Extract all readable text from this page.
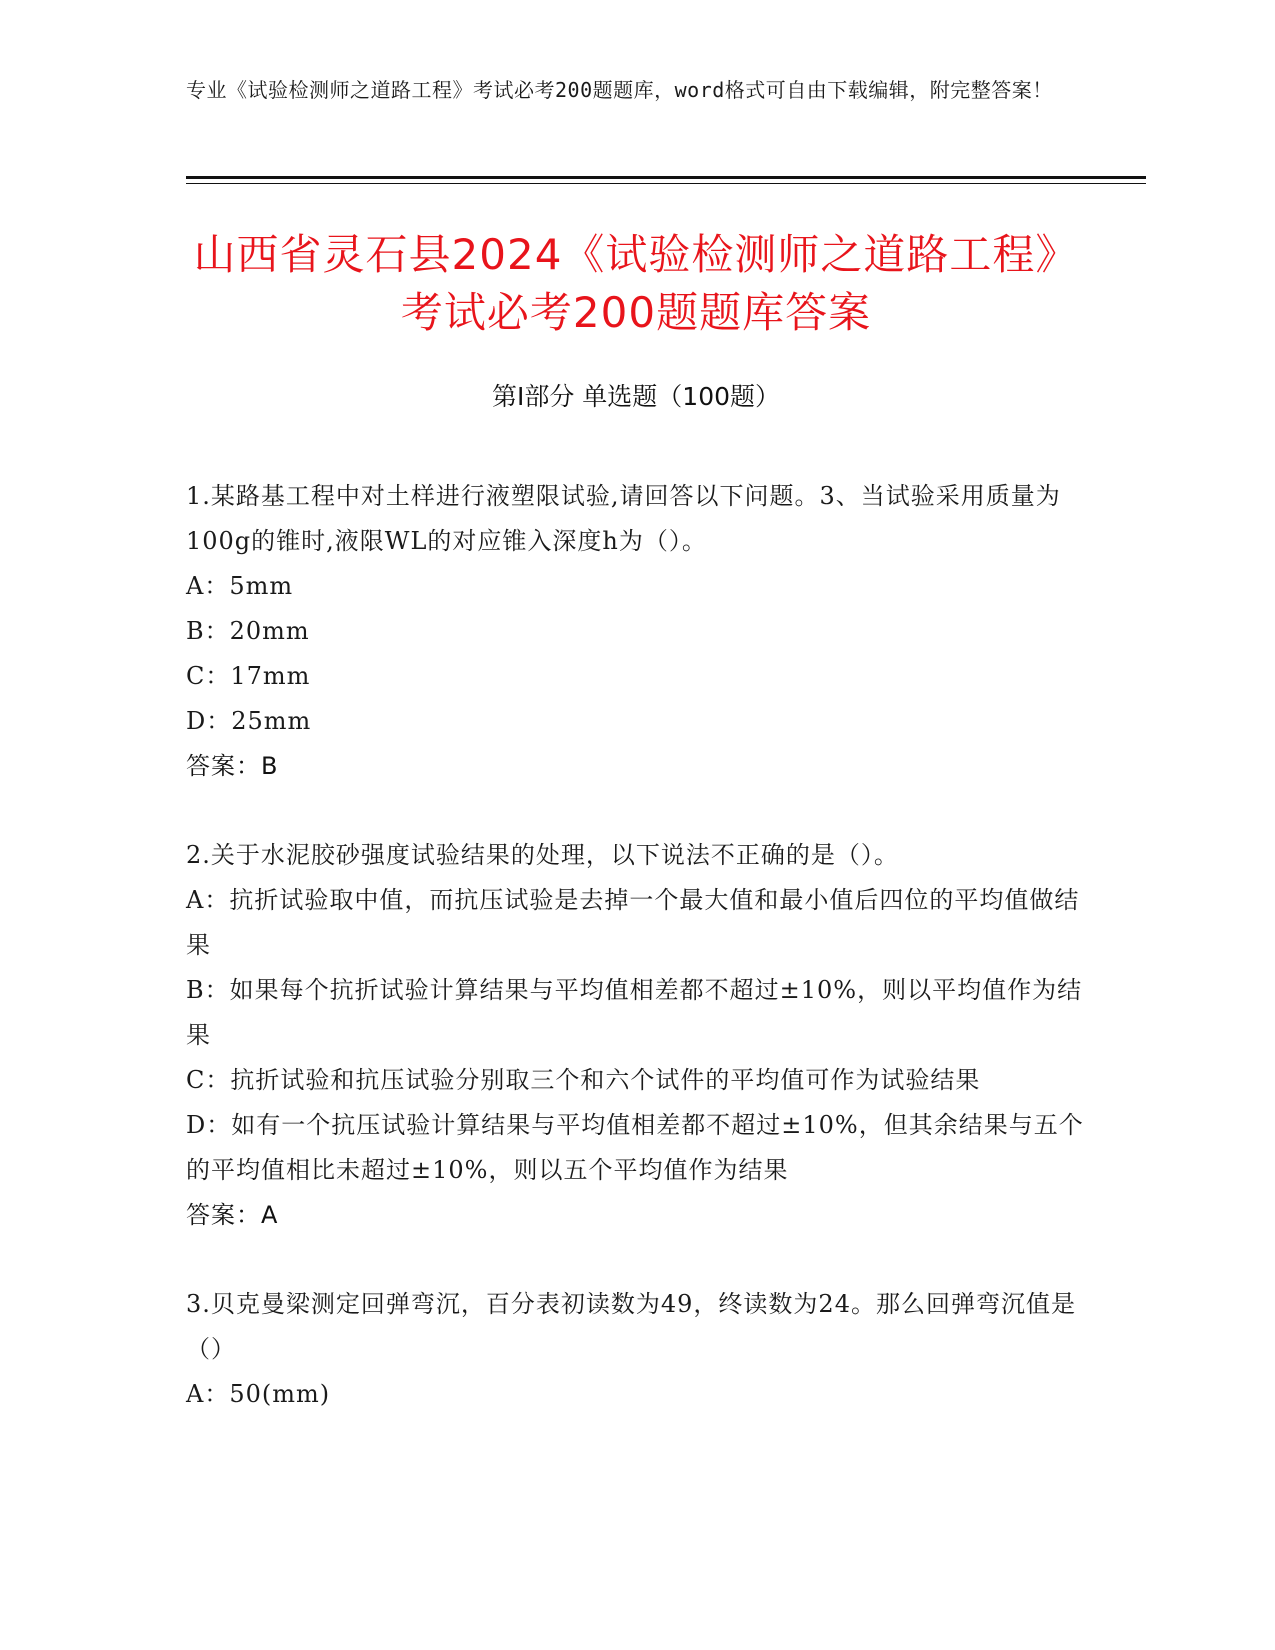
专业《试验检测师之道路工程》考试必考200题题库，word格式可自由下载编辑，附完整答案！
山西省灵石县2024《试验检测师之道路工程》考试必考200题题库答案
第Ⅰ部分 单选题（100题）

1.某路基工程中对土样进行液塑限试验,请回答以下问题。3、当试验采用质量为100g的锥时,液限WL的对应锥入深度h为（）。

A：5mm

B：20mm

C：17mm

D：25mm

答案：B

2.关于水泥胶砂强度试验结果的处理，以下说法不正确的是（）。

A：抗折试验取中值，而抗压试验是去掉一个最大值和最小值后四位的平均值做结果

B：如果每个抗折试验计算结果与平均值相差都不超过±10%，则以平均值作为结果

C：抗折试验和抗压试验分别取三个和六个试件的平均值可作为试验结果

D：如有一个抗压试验计算结果与平均值相差都不超过±10%，但其余结果与五个的平均值相比未超过±10%，则以五个平均值作为结果

答案：A

3.贝克曼梁测定回弹弯沉，百分表初读数为49，终读数为24。那么回弹弯沉值是（）

A：50(mm)
